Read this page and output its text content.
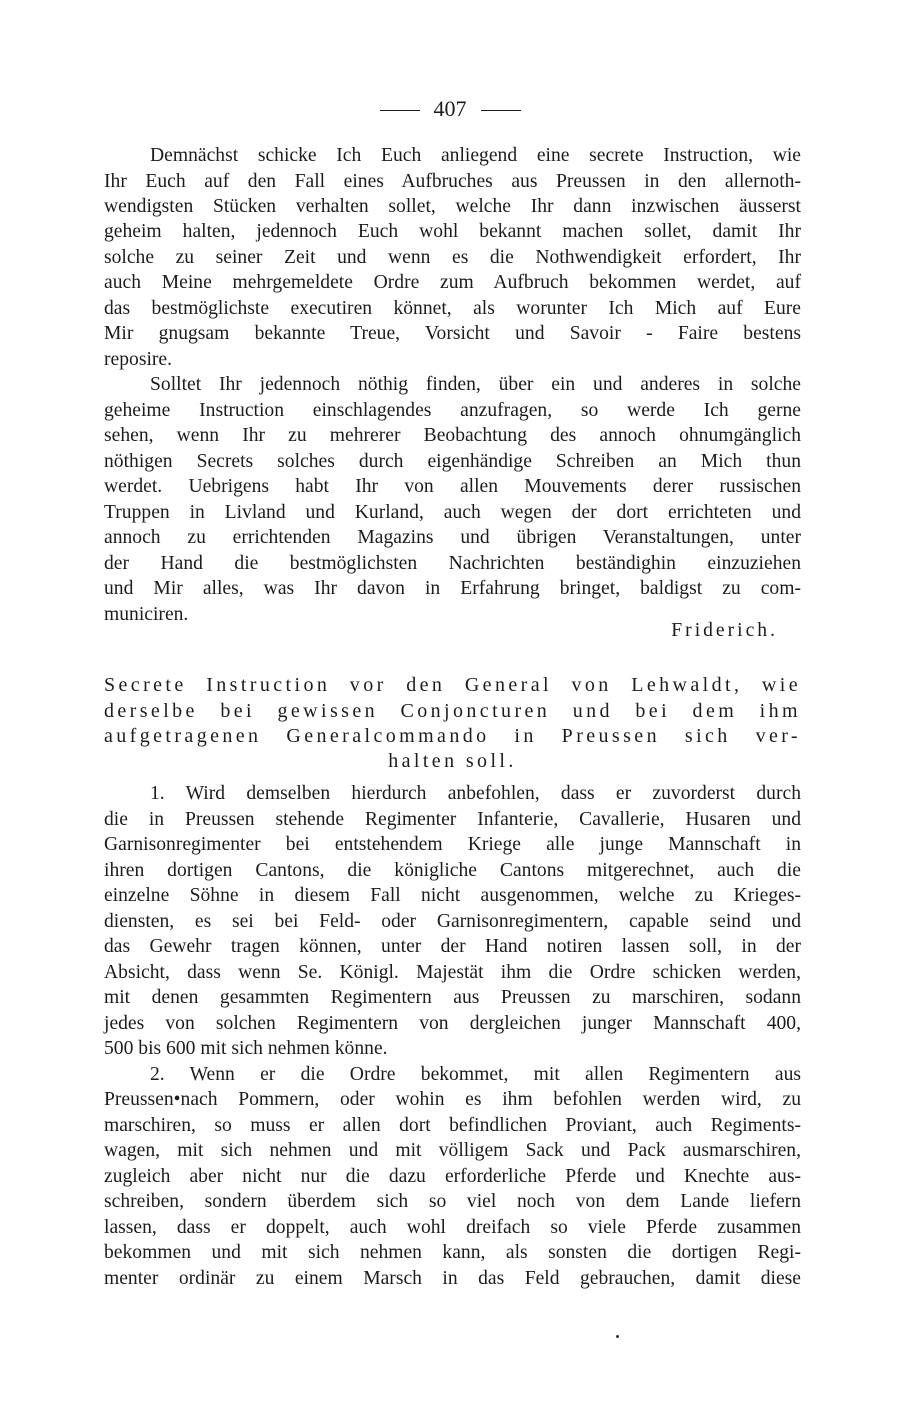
407
Demnächst schicke Ich Euch anliegend eine secrete Instruction, wie
Ihr Euch auf den Fall eines Aufbruches aus Preussen in den allernoth-
wendigsten Stücken verhalten sollet, welche Ihr dann inzwischen äusserst
geheim halten, jedennoch Euch wohl bekannt machen sollet, damit Ihr
solche zu seiner Zeit und wenn es die Nothwendigkeit erfordert, Ihr
auch Meine mehrgemeldete Ordre zum Aufbruch bekommen werdet, auf
das bestmöglichste executiren könnet, als worunter Ich Mich auf Eure
Mir gnugsam bekannte Treue, Vorsicht und Savoir - Faire bestens
reposire.
Solltet Ihr jedennoch nöthig finden, über ein und anderes in solche
geheime Instruction einschlagendes anzufragen, so werde Ich gerne
sehen, wenn Ihr zu mehrerer Beobachtung des annoch ohnumgänglich
nöthigen Secrets solches durch eigenhändige Schreiben an Mich thun
werdet. Uebrigens habt Ihr von allen Mouvements derer russischen
Truppen in Livland und Kurland, auch wegen der dort errichteten und
annoch zu errichtenden Magazins und übrigen Veranstaltungen, unter
der Hand die bestmöglichsten Nachrichten beständighin einzuziehen
und Mir alles, was Ihr davon in Erfahrung bringet, baldigst zu com-
municiren.
Friderich.
Secrete Instruction vor den General von Lehwaldt, wie
derselbe bei gewissen Conjoncturen und bei dem ihm
aufgetragenen Generalcommando in Preussen sich ver-
halten soll.
1. Wird demselben hierdurch anbefohlen, dass er zuvorderst durch
die in Preussen stehende Regimenter Infanterie, Cavallerie, Husaren und
Garnisonregimenter bei entstehendem Kriege alle junge Mannschaft in
ihren dortigen Cantons, die königliche Cantons mitgerechnet, auch die
einzelne Söhne in diesem Fall nicht ausgenommen, welche zu Krieges-
diensten, es sei bei Feld- oder Garnisonregimentern, capable seind und
das Gewehr tragen können, unter der Hand notiren lassen soll, in der
Absicht, dass wenn Se. Königl. Majestät ihm die Ordre schicken werden,
mit denen gesammten Regimentern aus Preussen zu marschiren, sodann
jedes von solchen Regimentern von dergleichen junger Mannschaft 400,
500 bis 600 mit sich nehmen könne.
2. Wenn er die Ordre bekommet, mit allen Regimentern aus
Preussen•nach Pommern, oder wohin es ihm befohlen werden wird, zu
marschiren, so muss er allen dort befindlichen Proviant, auch Regiments-
wagen, mit sich nehmen und mit völligem Sack und Pack ausmarschiren,
zugleich aber nicht nur die dazu erforderliche Pferde und Knechte aus-
schreiben, sondern überdem sich so viel noch von dem Lande liefern
lassen, dass er doppelt, auch wohl dreifach so viele Pferde zusammen
bekommen und mit sich nehmen kann, als sonsten die dortigen Regi-
menter ordinär zu einem Marsch in das Feld gebrauchen, damit diese
